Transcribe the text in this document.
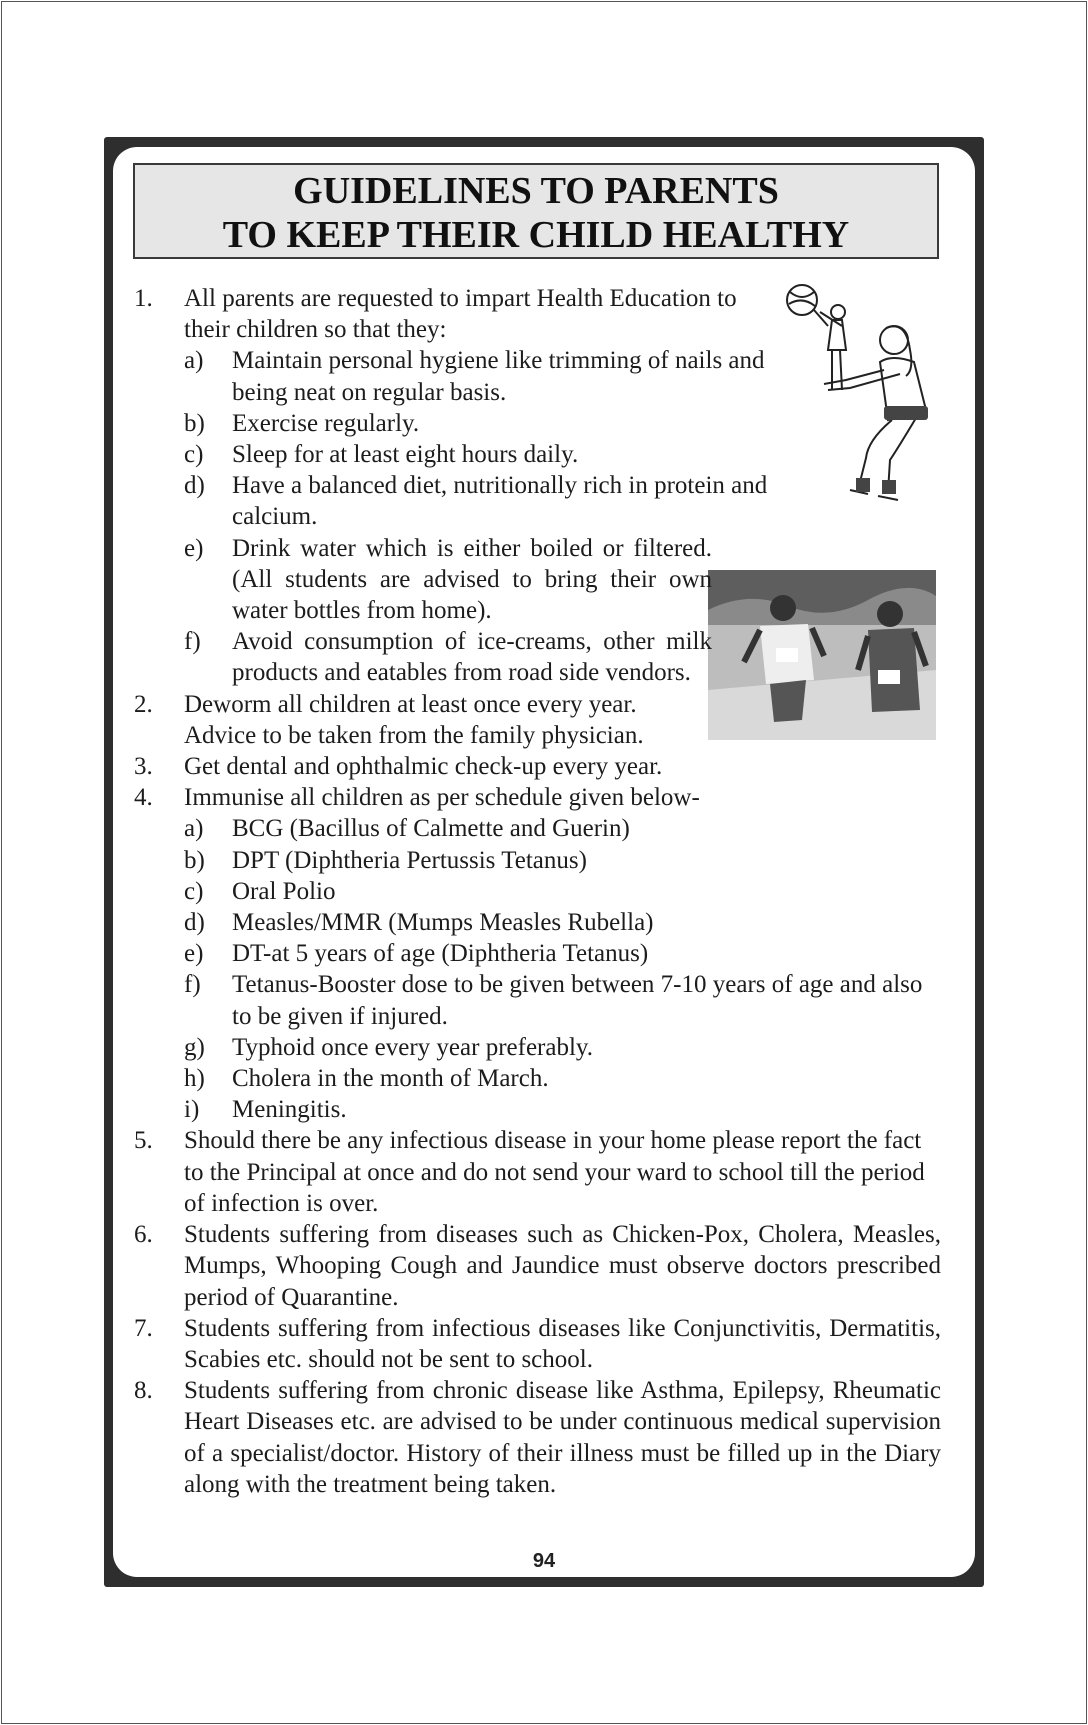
GUIDELINES TO PARENTS
TO KEEP THEIR CHILD HEALTHY
1.	All parents are requested to impart Health Education to their children so that they:
a)	Maintain personal hygiene like trimming of nails and being neat on regular basis.
b)	Exercise regularly.
c)	Sleep for at least eight hours daily.
d)	Have a balanced diet, nutritionally rich in protein and calcium.
e)	Drink water which is either boiled or filtered. (All students are advised to bring their own water bottles from home).
f)	Avoid consumption of ice-creams, other milk products and eatables from road side vendors.
2.	Deworm all children at least once every year. Advice to be taken from the family physician.
3.	Get dental and ophthalmic check-up every year.
4.	Immunise all children as per schedule given below-
a)	BCG (Bacillus of Calmette and Guerin)
b)	DPT (Diphtheria Pertussis Tetanus)
c)	Oral Polio
d)	Measles/MMR (Mumps Measles Rubella)
e)	DT-at 5 years of age (Diphtheria Tetanus)
f)	Tetanus-Booster dose to be given between 7-10 years of age and also to be given if injured.
g)	Typhoid once every year preferably.
h)	Cholera in the month of March.
i)	Meningitis.
5.	Should there be any infectious disease in your home please report the fact to the Principal at once and do not send your ward to school till the period of infection is over.
6.	Students suffering from diseases such as Chicken-Pox, Cholera, Measles, Mumps, Whooping Cough and Jaundice must observe doctors prescribed period of Quarantine.
7.	Students suffering from infectious diseases like Conjunctivitis, Dermatitis, Scabies etc. should not be sent to school.
8.	Students suffering from chronic disease like Asthma, Epilepsy, Rheumatic Heart Diseases etc. are advised to be under continuous medical supervision of a specialist/doctor. History of their illness must be filled up in the Diary along with the treatment being taken.
94
